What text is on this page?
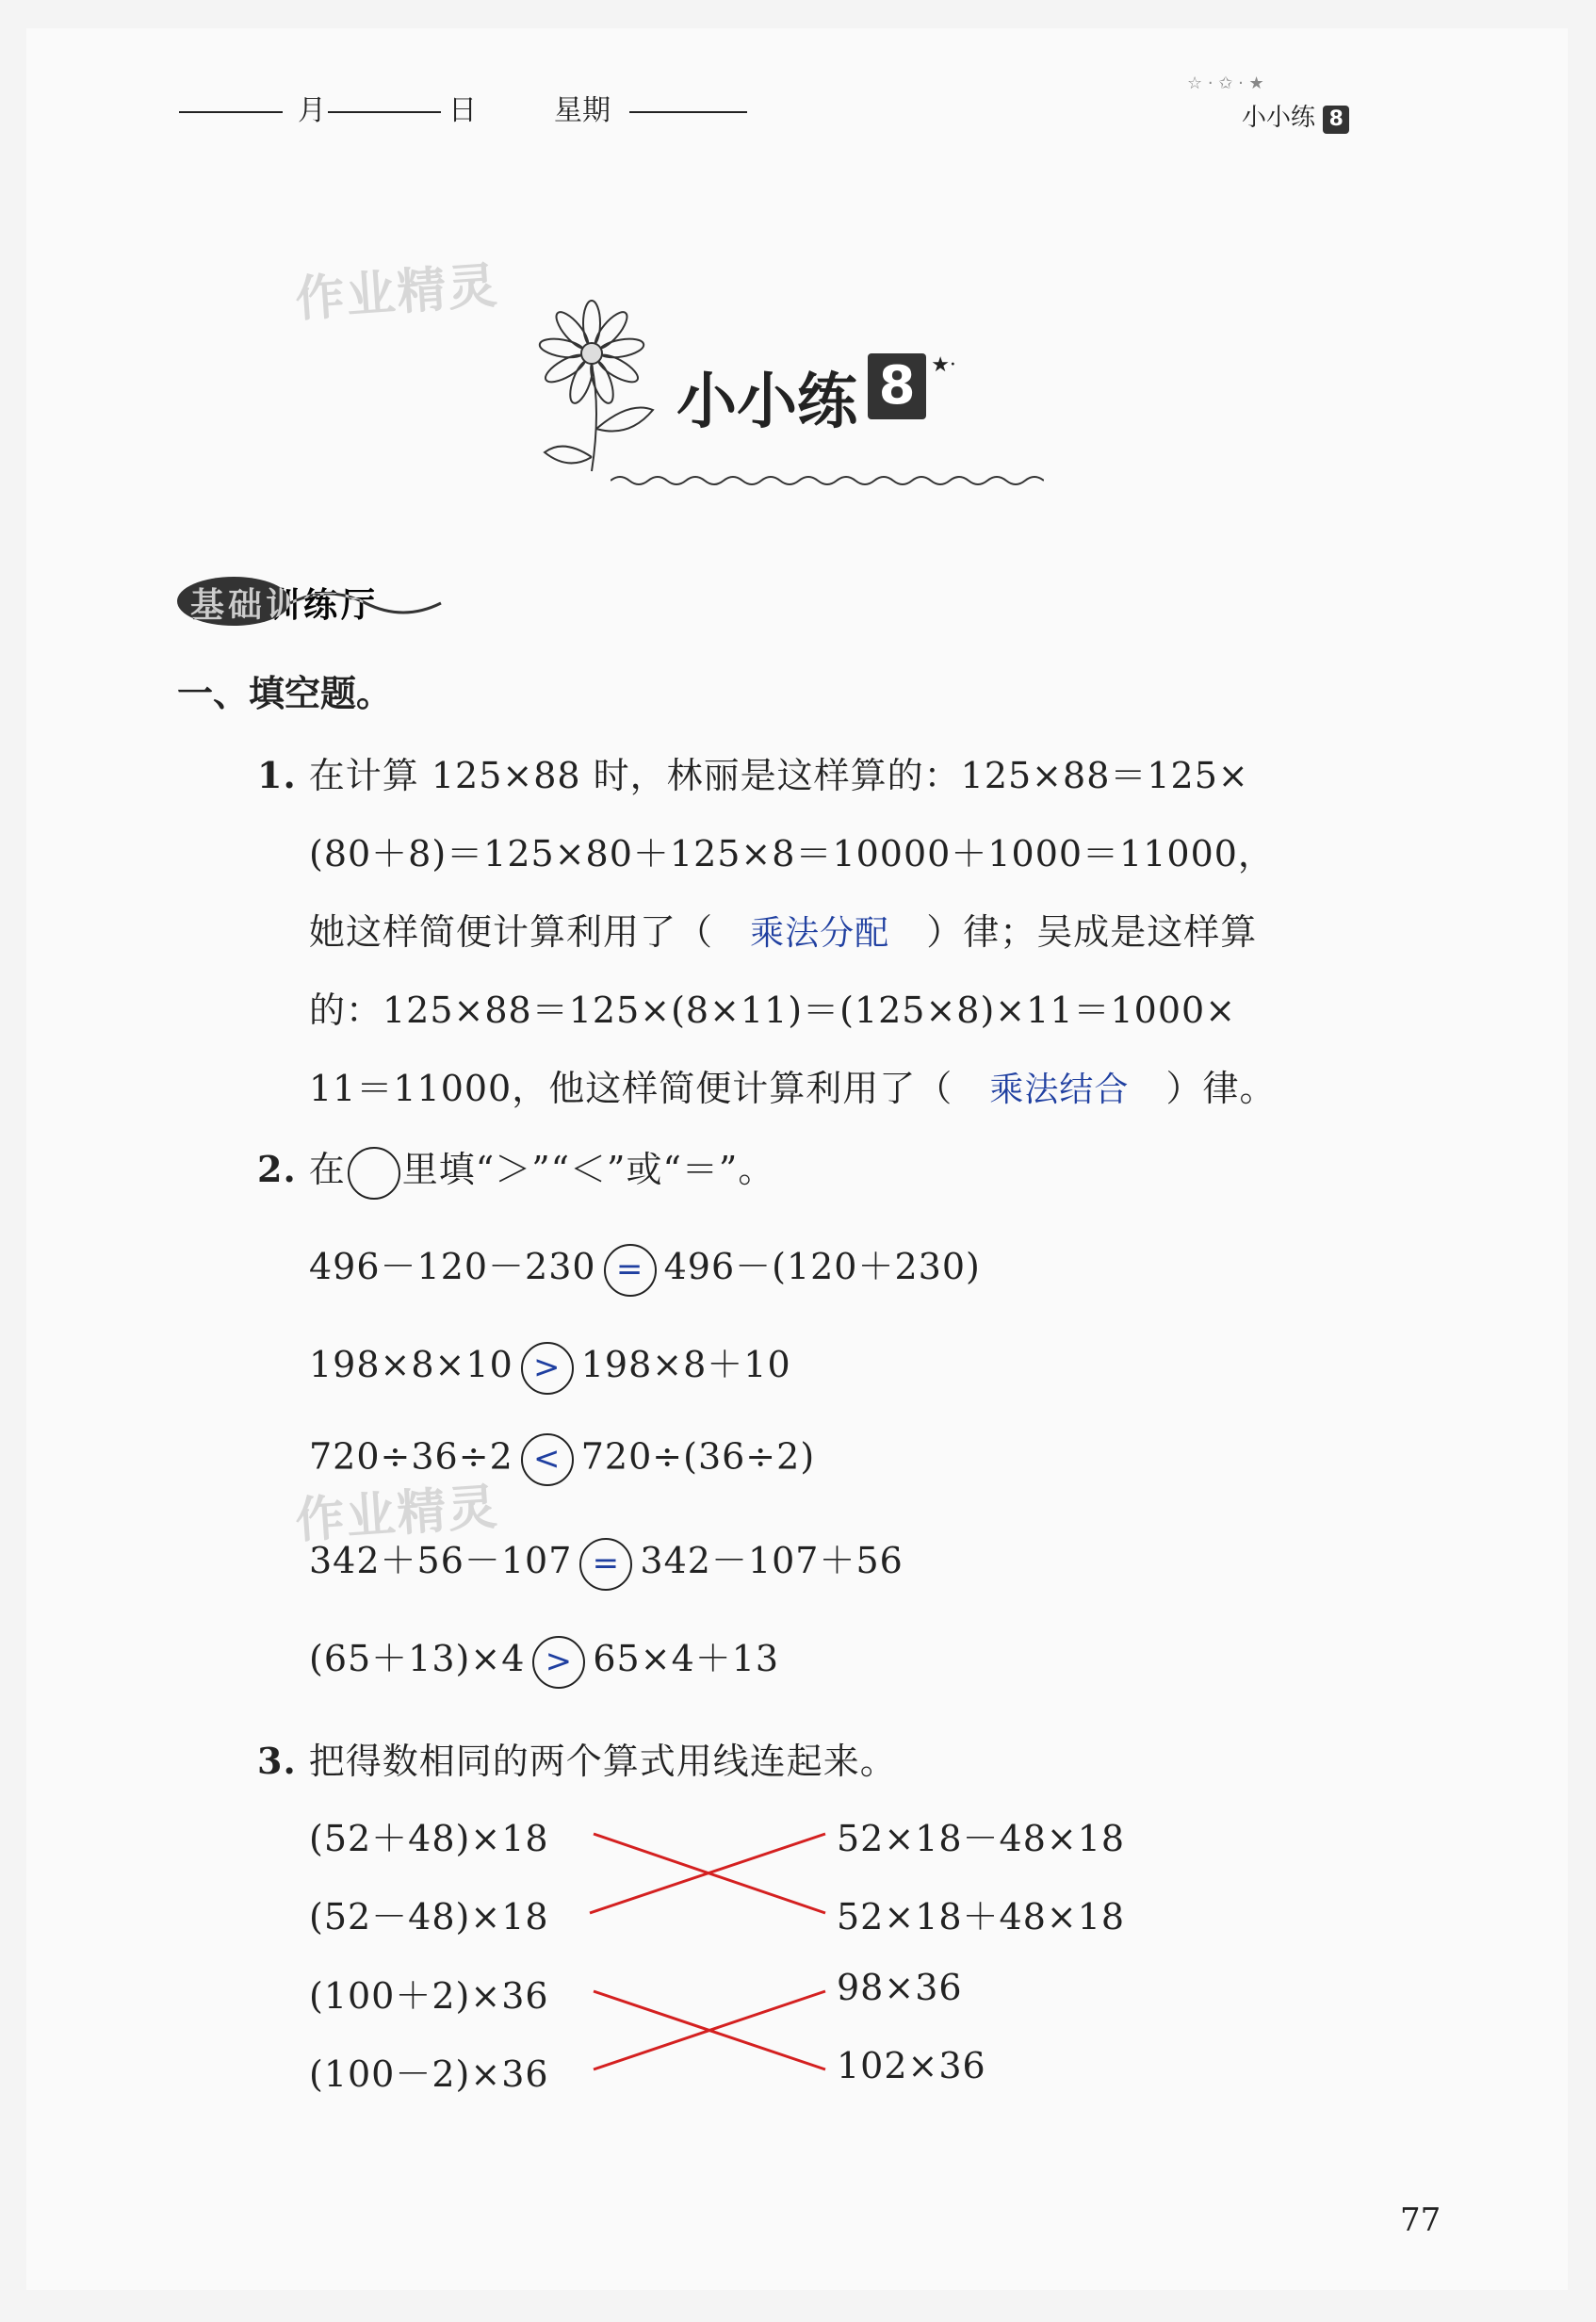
月	日	星期
☆ · ✩ · ★
小小练 8
作业精灵
作业精灵
小小练 8 ★·
基础训练厅
一、填空题。
1. 在计算 125×88 时，林丽是这样算的：125×88＝125×
(80＋8)＝125×80＋125×8＝10000＋1000＝11000，
她这样简便计算利用了（ 乘法分配 ）律；吴成是这样算
的：125×88＝125×(8×11)＝(125×8)×11＝1000×
11＝11000，他这样简便计算利用了（ 乘法结合 ）律。
2. 在 里填“＞”“＜”或“＝”。
496－120－230 = 496－(120＋230)
198×8×10 > 198×8＋10
720÷36÷2 < 720÷(36÷2)
342＋56－107 = 342－107＋56
(65＋13)×4 > 65×4＋13
3. 把得数相同的两个算式用线连起来。
(52＋48)×18
(52－48)×18
(100＋2)×36
(100－2)×36
52×18－48×18
52×18＋48×18
98×36
102×36
77
